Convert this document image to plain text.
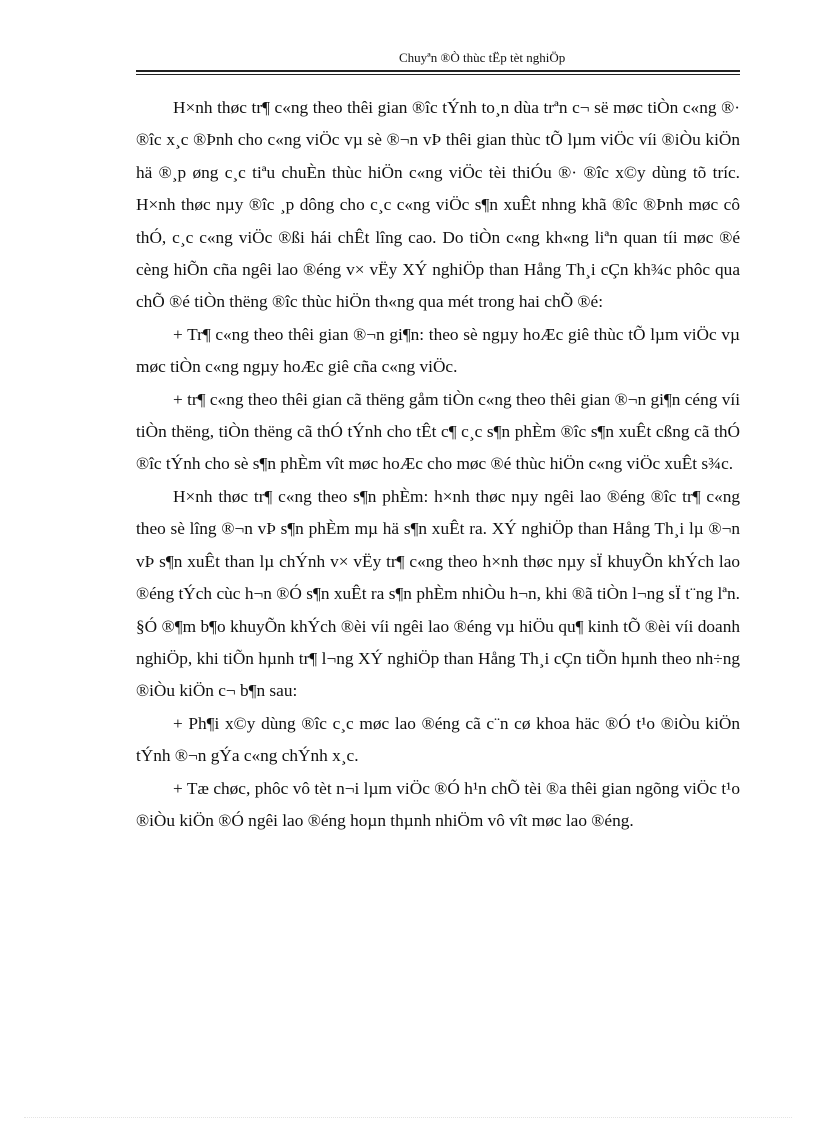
Chuyªn ®Ò thùc tËp tèt nghiÖp

H×nh thøc tr¶ c«ng theo thêi gian ®îc tÝnh to¸n dùa trªn c¬ së møc tiÒn c«ng ®· ®îc x¸c ®Þnh cho c«ng viÖc vµ sè ®¬n vÞ thêi gian thùc tÕ lµm viÖc víi ®iÒu kiÖn hä ®¸p øng c¸c tiªu chuÈn thùc hiÖn c«ng viÖc tèi thiÓu ®· ®îc x©y dùng tõ tríc. H×nh thøc nµy ®îc ¸p dông cho c¸c c«ng viÖc s¶n xuÊt nhng khã ®îc ®Þnh møc cô thÓ, c¸c c«ng viÖc ®ßi hái chÊt lîng cao. Do tiÒn c«ng kh«ng liªn quan tíi møc ®é cèng hiÕn cña ngêi lao ®éng v× vËy XÝ nghiÖp than Hång Th¸i cÇn kh¾c phôc qua chÕ ®é tiÒn thëng ®îc thùc hiÖn th«ng qua mét trong hai chÕ ®é:

+ Tr¶ c«ng theo thêi gian ®¬n gi¶n: theo sè ngµy hoÆc giê thùc tÕ lµm viÖc vµ møc tiÒn c«ng ngµy hoÆc giê cña c«ng viÖc.

+ tr¶ c«ng theo thêi gian cã thëng gåm tiÒn c«ng theo thêi gian ®¬n gi¶n céng víi tiÒn thëng, tiÒn thëng cã thÓ tÝnh cho tÊt c¶ c¸c s¶n phÈm ®îc s¶n xuÊt cßng cã thÓ ®îc tÝnh cho sè s¶n phÈm vît møc hoÆc cho møc ®é thùc hiÖn c«ng viÖc xuÊt s¾c.

H×nh thøc tr¶ c«ng theo s¶n phÈm: h×nh thøc nµy ngêi lao ®éng ®îc tr¶ c«ng theo sè lîng ®¬n vÞ s¶n phÈm mµ hä s¶n xuÊt ra. XÝ nghiÖp than Hång Th¸i lµ ®¬n vÞ s¶n xuÊt than lµ chÝnh v× vËy tr¶ c«ng theo h×nh thøc nµy sÏ khuyÕn khÝch lao ®éng tÝch cùc h¬n ®Ó s¶n xuÊt ra s¶n phÈm nhiÒu h¬n, khi ®ã tiÒn l¬ng sÏ t¨ng lªn. §Ó ®¶m b¶o khuyÕn khÝch ®èi víi ngêi lao ®éng vµ hiÖu qu¶ kinh tÕ ®èi víi doanh nghiÖp, khi tiÕn hµnh tr¶ l¬ng XÝ nghiÖp than Hång Th¸i cÇn tiÕn hµnh theo nh÷ng ®iÒu kiÖn c¬ b¶n sau:

+ Ph¶i x©y dùng ®îc c¸c møc lao ®éng cã c¨n cø khoa häc ®Ó t¹o ®iÒu kiÖn tÝnh ®¬n gÝa c«ng chÝnh x¸c.

+ Tæ chøc, phôc vô tèt n¬i lµm viÖc ®Ó h¹n chÕ tèi ®a thêi gian ngõng viÖc t¹o ®iÒu kiÖn ®Ó ngêi lao ®éng hoµn thµnh nhiÖm vô vît møc lao ®éng.
